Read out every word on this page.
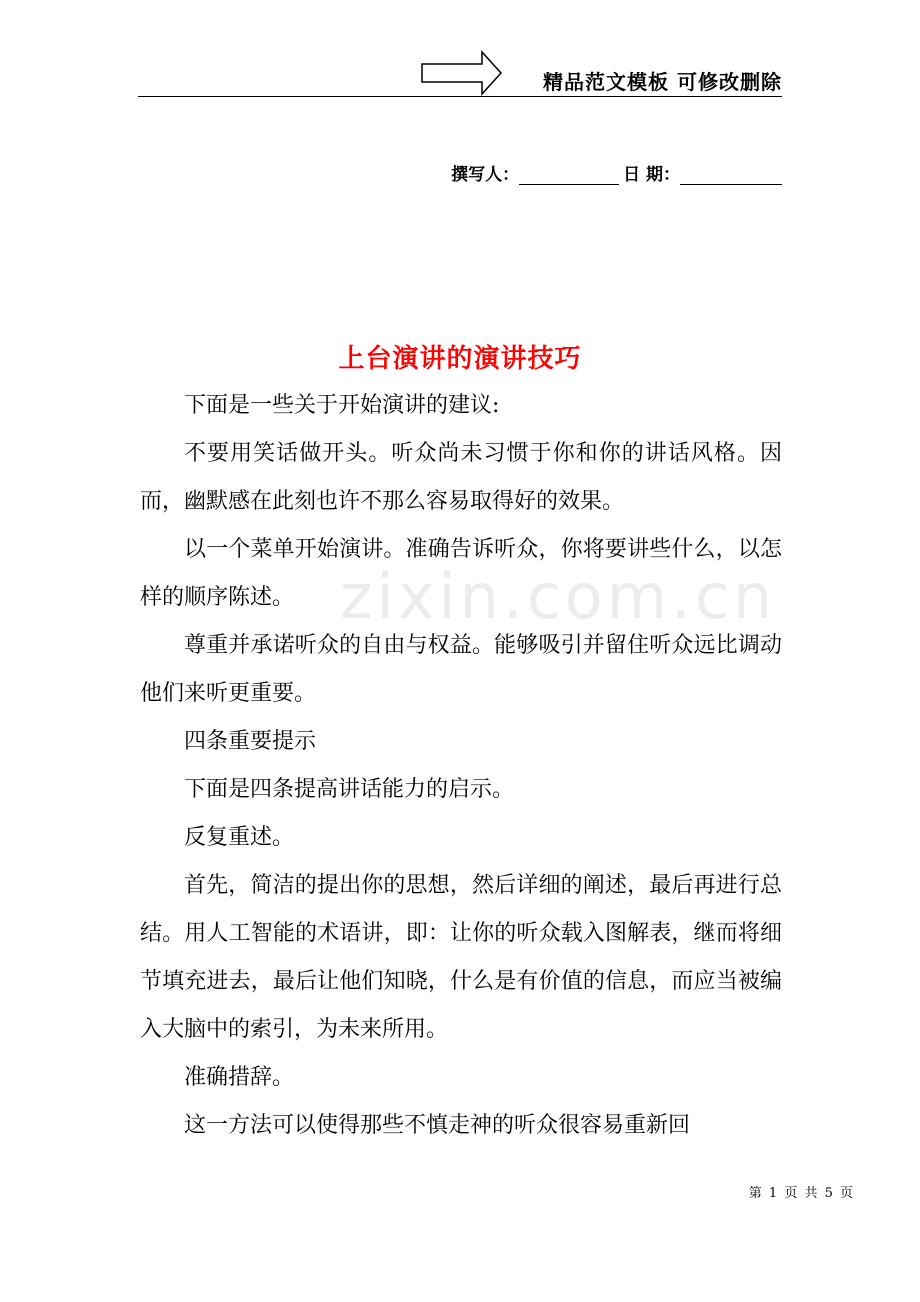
精品范文模板 可修改删除
撰写人：	日 期：
zixin.com.cn
上台演讲的演讲技巧

下面是一些关于开始演讲的建议:

不要用笑话做开头。听众尚未习惯于你和你的讲话风格。因而，幽默感在此刻也许不那么容易取得好的效果。

以一个菜单开始演讲。准确告诉听众，你将要讲些什么，以怎样的顺序陈述。

尊重并承诺听众的自由与权益。能够吸引并留住听众远比调动他们来听更重要。

四条重要提示

下面是四条提高讲话能力的启示。

反复重述。

首先，简洁的提出你的思想，然后详细的阐述，最后再进行总结。用人工智能的术语讲，即：让你的听众载入图解表，继而将细节填充进去，最后让他们知晓，什么是有价值的信息，而应当被编入大脑中的索引，为未来所用。

准确措辞。

这一方法可以使得那些不慎走神的听众很容易重新回

第 1 页 共 5 页
